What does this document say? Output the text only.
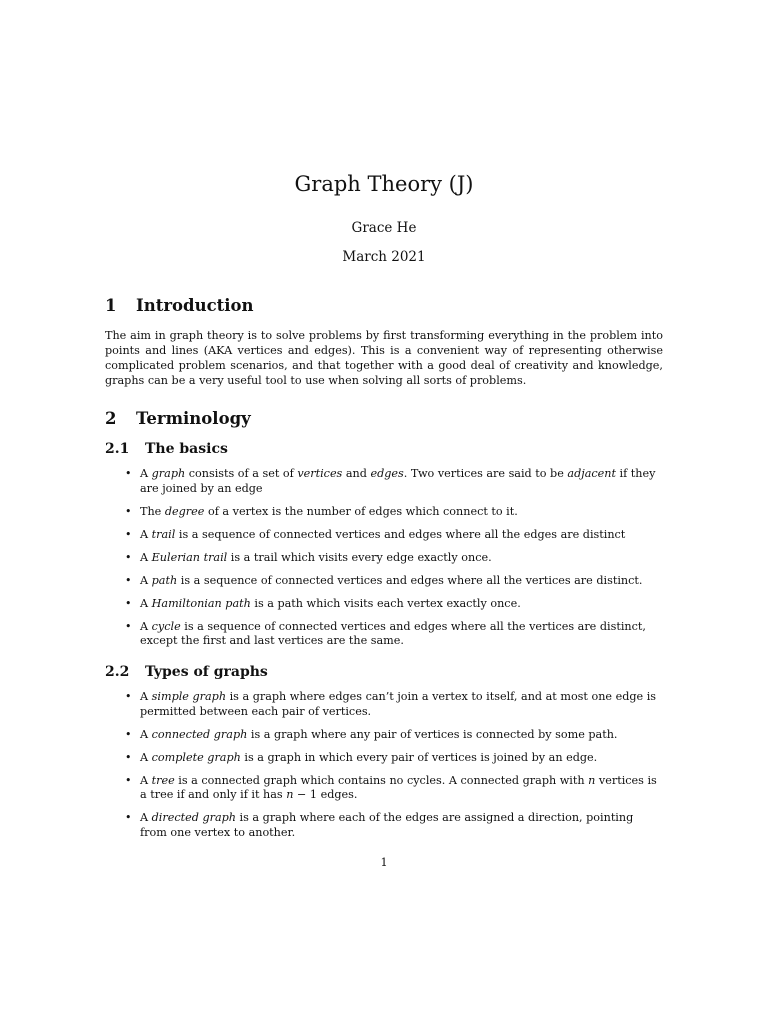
Graph Theory (J)
Grace He
March 2021
1	Introduction

The aim in graph theory is to solve problems by first transforming everything in the problem into points and lines (AKA vertices and edges). This is a convenient way of representing otherwise complicated problem scenarios, and that together with a good deal of creativity and knowledge, graphs can be a very useful tool to use when solving all sorts of problems.

2	Terminology
2.1	The basics
• A graph consists of a set of vertices and edges. Two vertices are said to be adjacent if they are joined by an edge
• The degree of a vertex is the number of edges which connect to it.
• A trail is a sequence of connected vertices and edges where all the edges are distinct
• A Eulerian trail is a trail which visits every edge exactly once.
• A path is a sequence of connected vertices and edges where all the vertices are distinct.
• A Hamiltonian path is a path which visits each vertex exactly once.
• A cycle is a sequence of connected vertices and edges where all the vertices are distinct, except the first and last vertices are the same.
2.2	Types of graphs
• A simple graph is a graph where edges can’t join a vertex to itself, and at most one edge is permitted between each pair of vertices.
• A connected graph is a graph where any pair of vertices is connected by some path.
• A complete graph is a graph in which every pair of vertices is joined by an edge.
• A tree is a connected graph which contains no cycles. A connected graph with n vertices is a tree if and only if it has n − 1 edges.
• A directed graph is a graph where each of the edges are assigned a direction, pointing from one vertex to another.
1
